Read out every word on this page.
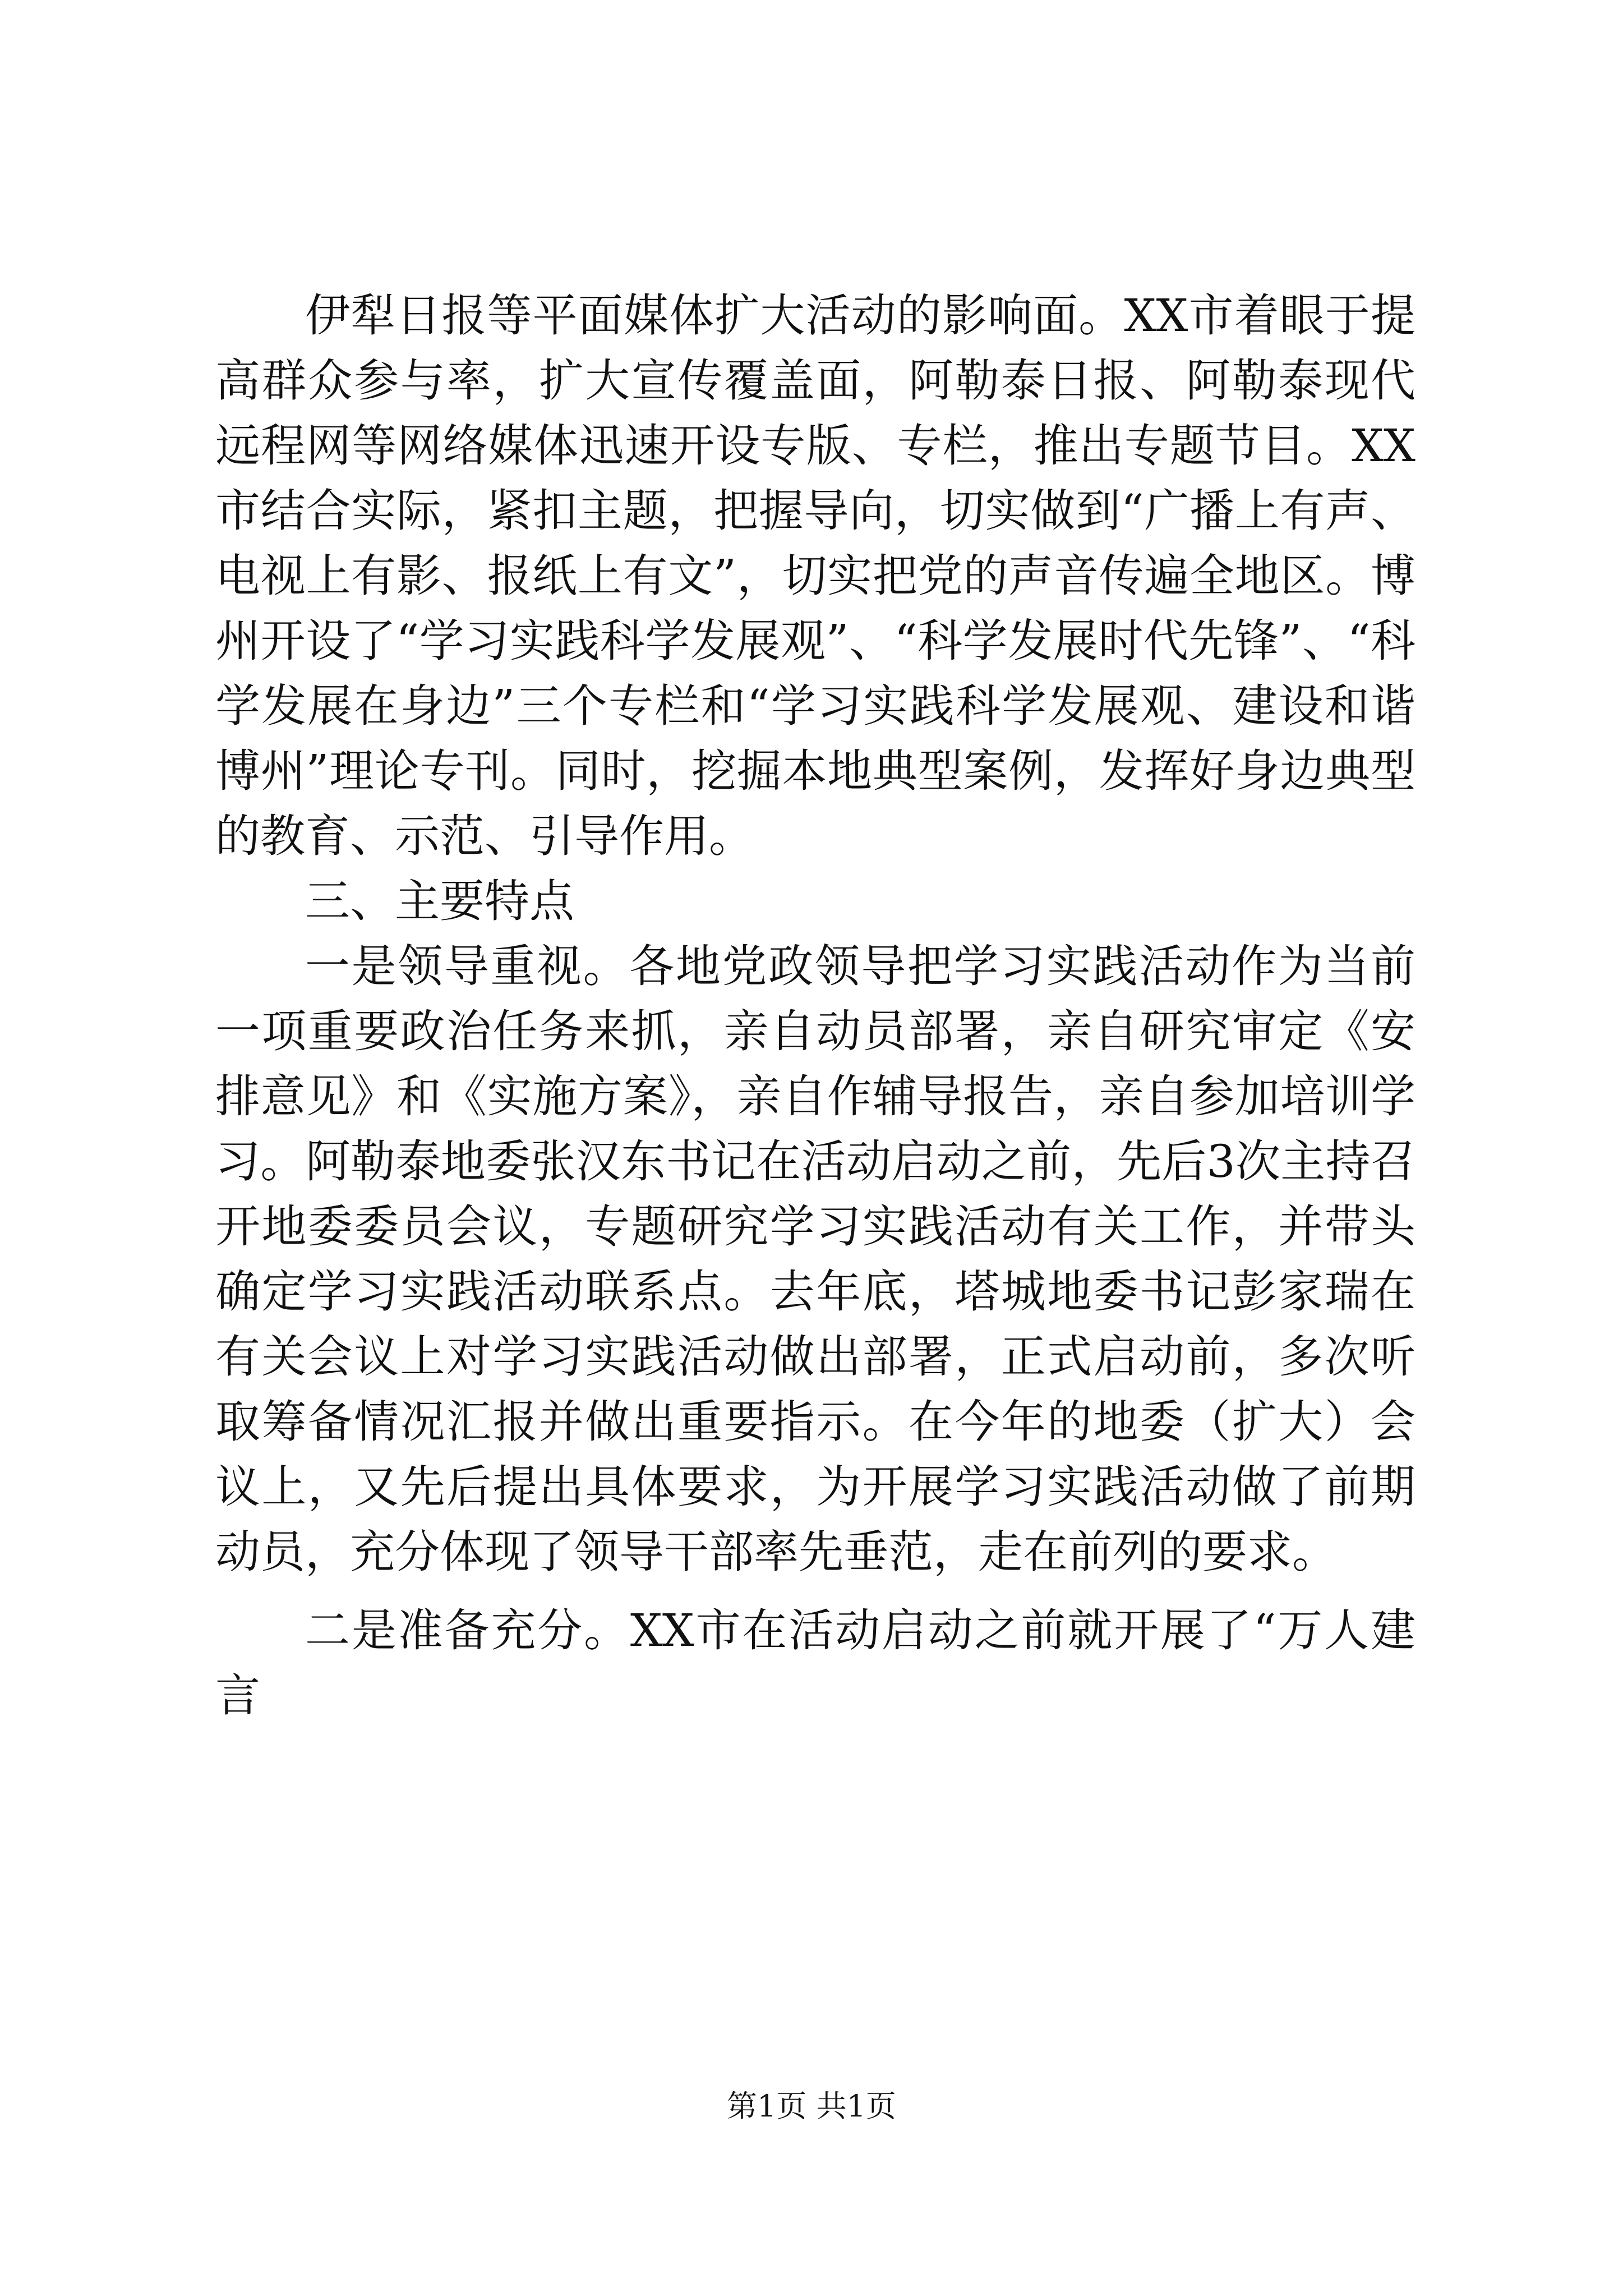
伊犁日报等平面媒体扩大活动的影响面。XX市着眼于提高群众参与率，扩大宣传覆盖面，阿勒泰日报、阿勒泰现代远程网等网络媒体迅速开设专版、专栏，推出专题节目。XX市结合实际，紧扣主题，把握导向，切实做到“广播上有声、电视上有影、报纸上有文”，切实把党的声音传遍全地区。博州开设了“学习实践科学发展观”、“科学发展时代先锋”、“科学发展在身边”三个专栏和“学习实践科学发展观、建设和谐博州”理论专刊。同时，挖掘本地典型案例，发挥好身边典型的教育、示范、引导作用。

三、主要特点

一是领导重视。各地党政领导把学习实践活动作为当前一项重要政治任务来抓，亲自动员部署，亲自研究审定《安排意见》和《实施方案》，亲自作辅导报告，亲自参加培训学习。阿勒泰地委张汉东书记在活动启动之前，先后3次主持召开地委委员会议，专题研究学习实践活动有关工作，并带头确定学习实践活动联系点。去年底，塔城地委书记彭家瑞在有关会议上对学习实践活动做出部署，正式启动前，多次听取筹备情况汇报并做出重要指示。在今年的地委（扩大）会议上，又先后提出具体要求，为开展学习实践活动做了前期动员，充分体现了领导干部率先垂范，走在前列的要求。

二是准备充分。XX市在活动启动之前就开展了“万人建言

第1页 共1页
